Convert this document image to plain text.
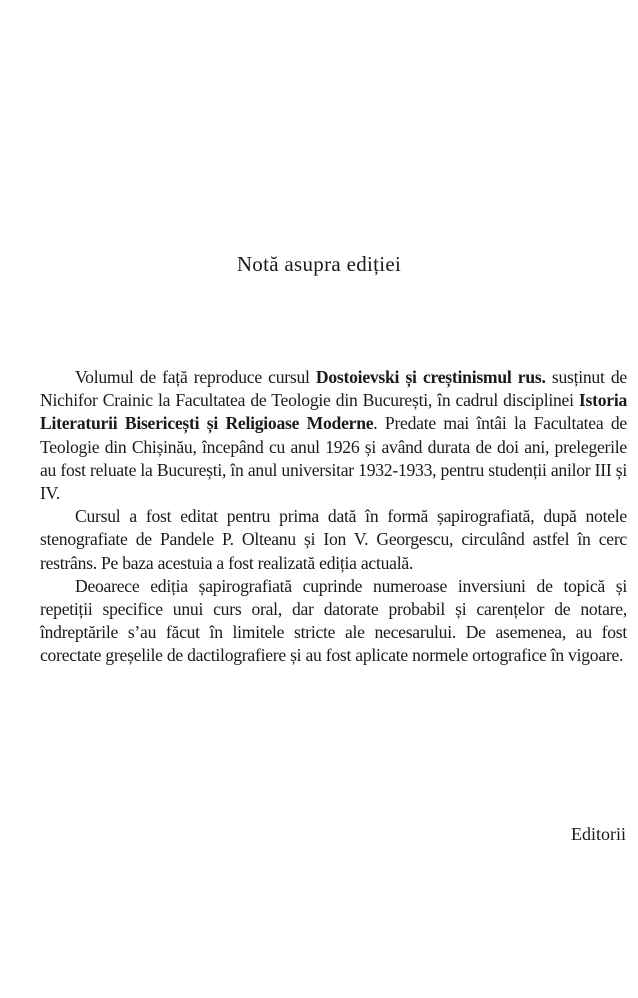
Notă asupra ediției

Volumul de față reproduce cursul Dostoievski și creștinismul rus. susținut de Nichifor Crainic la Facultatea de Teologie din București, în cadrul disciplinei Istoria Literaturii Bisericești și Religioase Moderne. Predate mai întâi la Facultatea de Teologie din Chișinău, începând cu anul 1926 și având durata de doi ani, prelegerile au fost reluate la București, în anul universitar 1932-1933, pentru studenții anilor III și IV.

Cursul a fost editat pentru prima dată în formă șapirografiată, după notele stenografiate de Pandele P. Olteanu și Ion V. Georgescu, circulând astfel în cerc restrâns. Pe baza acestuia a fost realizată ediția actuală.

Deoarece ediția șapirografiată cuprinde numeroase inversiuni de topică și repetiții specifice unui curs oral, dar datorate probabil și carențelor de notare, îndreptările s’au făcut în limitele stricte ale necesarului. De asemenea, au fost corectate greșelile de dactilografiere și au fost aplicate normele ortografice în vigoare.

Editorii
